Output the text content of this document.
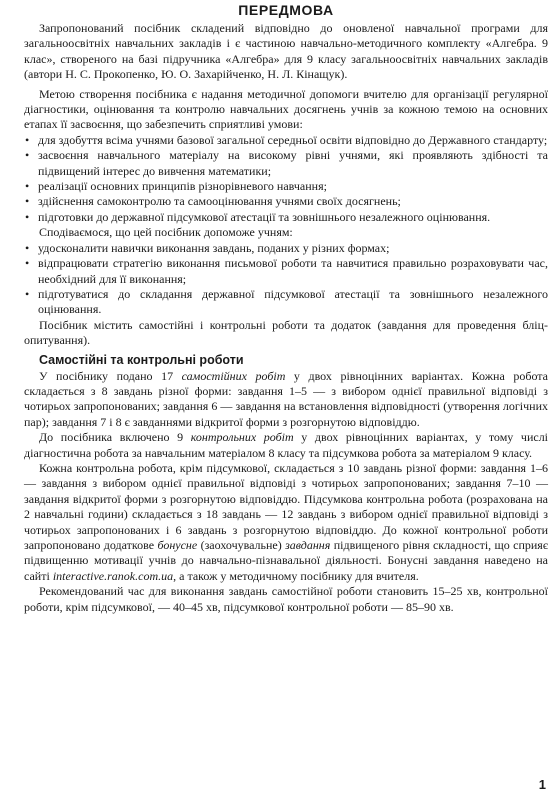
ПЕРЕДМОВА

Запропонований посібник складений відповідно до оновленої навчальної програми для загальноосвітніх навчальних закладів і є частиною навчально-методичного комплекту «Алгебра. 9 клас», створеного на базі підручника «Алгебра» для 9 класу загальноосвітніх навчальних закладів (автори Н. С. Прокопенко, Ю. О. Захарійченко, Н. Л. Кінащук).

Метою створення посібника є надання методичної допомоги вчителю для організації регулярної діагностики, оцінювання та контролю навчальних досягнень учнів за кожною темою на основних етапах її засвоєння, що забезпечить сприятливі умови:

• для здобуття всіма учнями базової загальної середньої освіти відповідно до Державного стандарту;
• засвоєння навчального матеріалу на високому рівні учнями, які проявляють здібності та підвищений інтерес до вивчення математики;
• реалізації основних принципів різнорівневого навчання;
• здійснення самоконтролю та самооцінювання учнями своїх досягнень;
• підготовки до державної підсумкової атестації та зовнішнього незалежного оцінювання.

Сподіваємося, що цей посібник допоможе учням:

• удосконалити навички виконання завдань, поданих у різних формах;
• відпрацювати стратегію виконання письмової роботи та навчитися правильно розраховувати час, необхідний для її виконання;
• підготуватися до складання державної підсумкової атестації та зовнішнього незалежного оцінювання.

Посібник містить самостійні і контрольні роботи та додаток (завдання для проведення бліц-опитування).

Самостійні та контрольні роботи

У посібнику подано 17 самостійних робіт у двох рівноцінних варіантах. Кожна робота складається з 8 завдань різної форми: завдання 1–5 — з вибором однієї правильної відповіді з чотирьох запропонованих; завдання 6 — завдання на встановлення відповідності (утворення логічних пар); завдання 7 і 8 є завданнями відкритої форми з розгорнутою відповіддю.

До посібника включено 9 контрольних робіт у двох рівноцінних варіантах, у тому числі діагностична робота за навчальним матеріалом 8 класу та підсумкова робота за матеріалом 9 класу.

Кожна контрольна робота, крім підсумкової, складається з 10 завдань різної форми: завдання 1–6 — завдання з вибором однієї правильної відповіді з чотирьох запропонованих; завдання 7–10 — завдання відкритої форми з розгорнутою відповіддю. Підсумкова контрольна робота (розрахована на 2 навчальні години) складається з 18 завдань — 12 завдань з вибором однієї правильної відповіді з чотирьох запропонованих і 6 завдань з розгорнутою відповіддю. До кожної контрольної роботи запропоновано додаткове бонусне (заохочувальне) завдання підвищеного рівня складності, що сприяє підвищенню мотивації учнів до навчально-пізнавальної діяльності. Бонусні завдання наведено на сайті interactive.ranok.com.ua, а також у методичному посібнику для вчителя.

Рекомендований час для виконання завдань самостійної роботи становить 15–25 хв, контрольної роботи, крім підсумкової, — 40–45 хв, підсумкової контрольної роботи — 85–90 хв.

1
